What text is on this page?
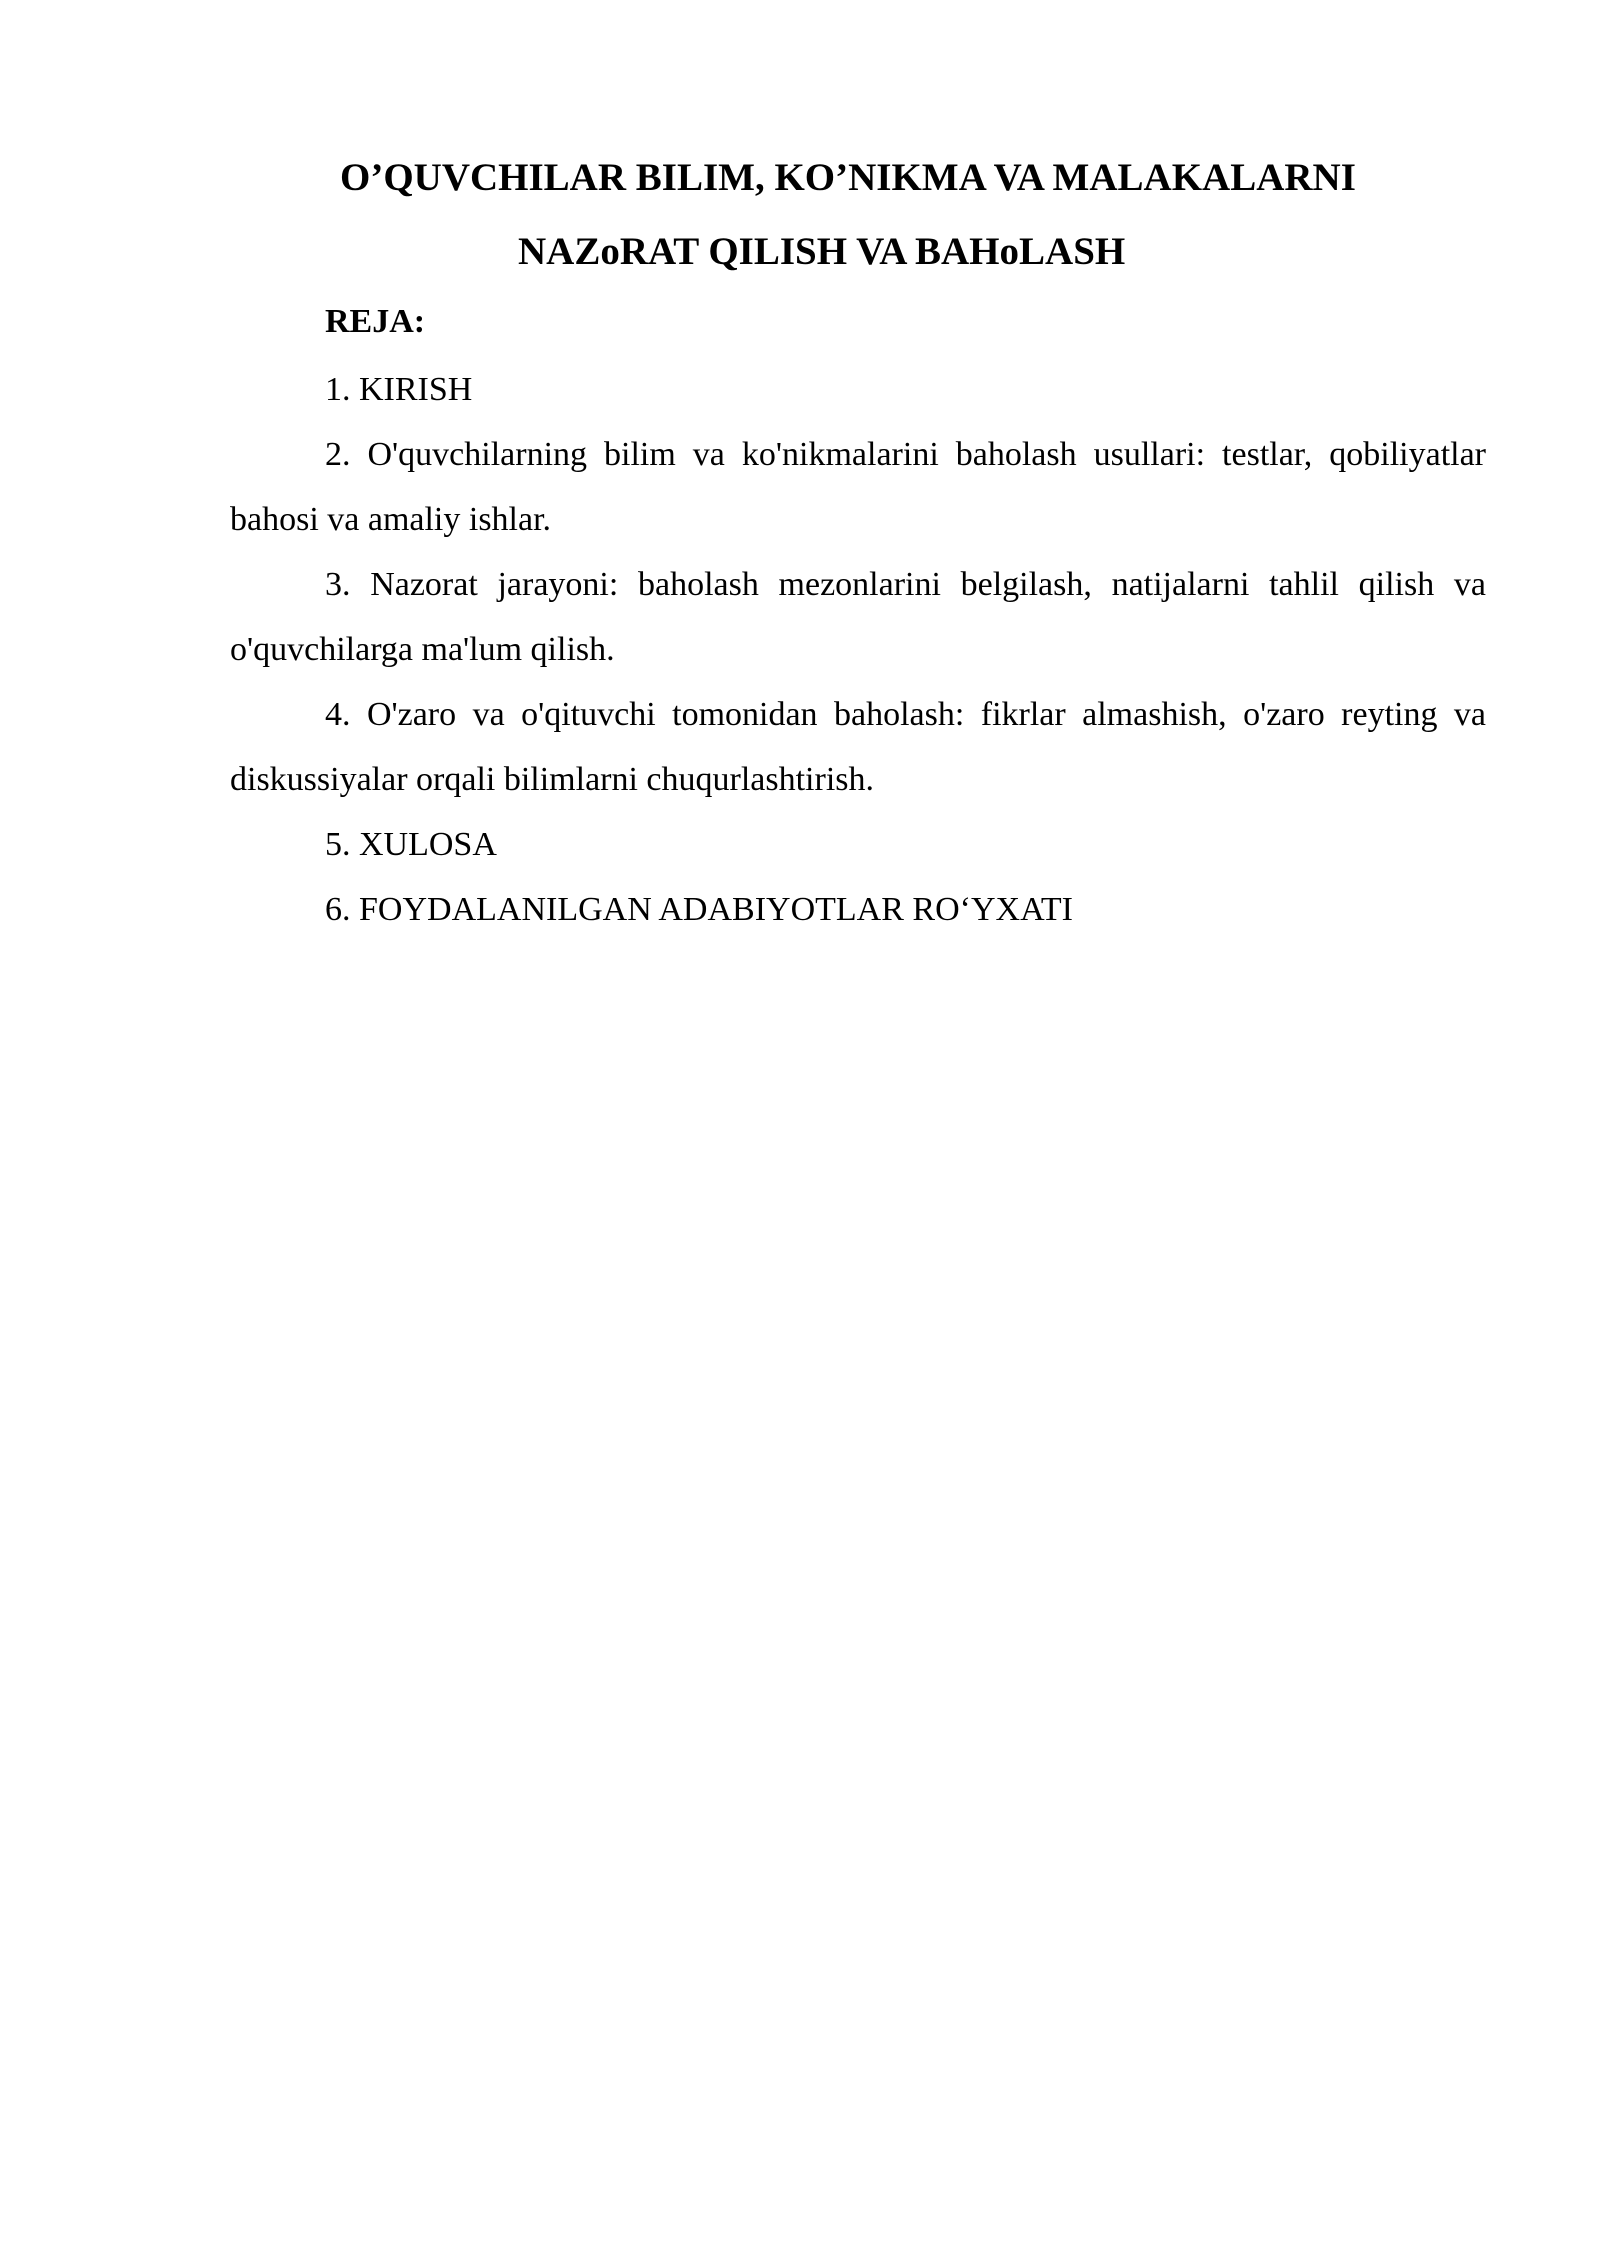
O’QUVCHILAR BILIM, KO’NIKMA VA MALAKALARNI
NAZoRAT QILISH VA BAHoLASH
REJA:
1. KIRISH
2. O'quvchilarning bilim va ko'nikmalarini baholash usullari: testlar, qobiliyatlar bahosi va amaliy ishlar.
3. Nazorat jarayoni: baholash mezonlarini belgilash, natijalarni tahlil qilish va o'quvchilarga ma'lum qilish.
4. O'zaro va o'qituvchi tomonidan baholash: fikrlar almashish, o'zaro reyting va diskussiyalar orqali bilimlarni chuqurlashtirish.
5. XULOSA
6. FOYDALANILGAN ADABIYOTLAR RO‘YXATI
